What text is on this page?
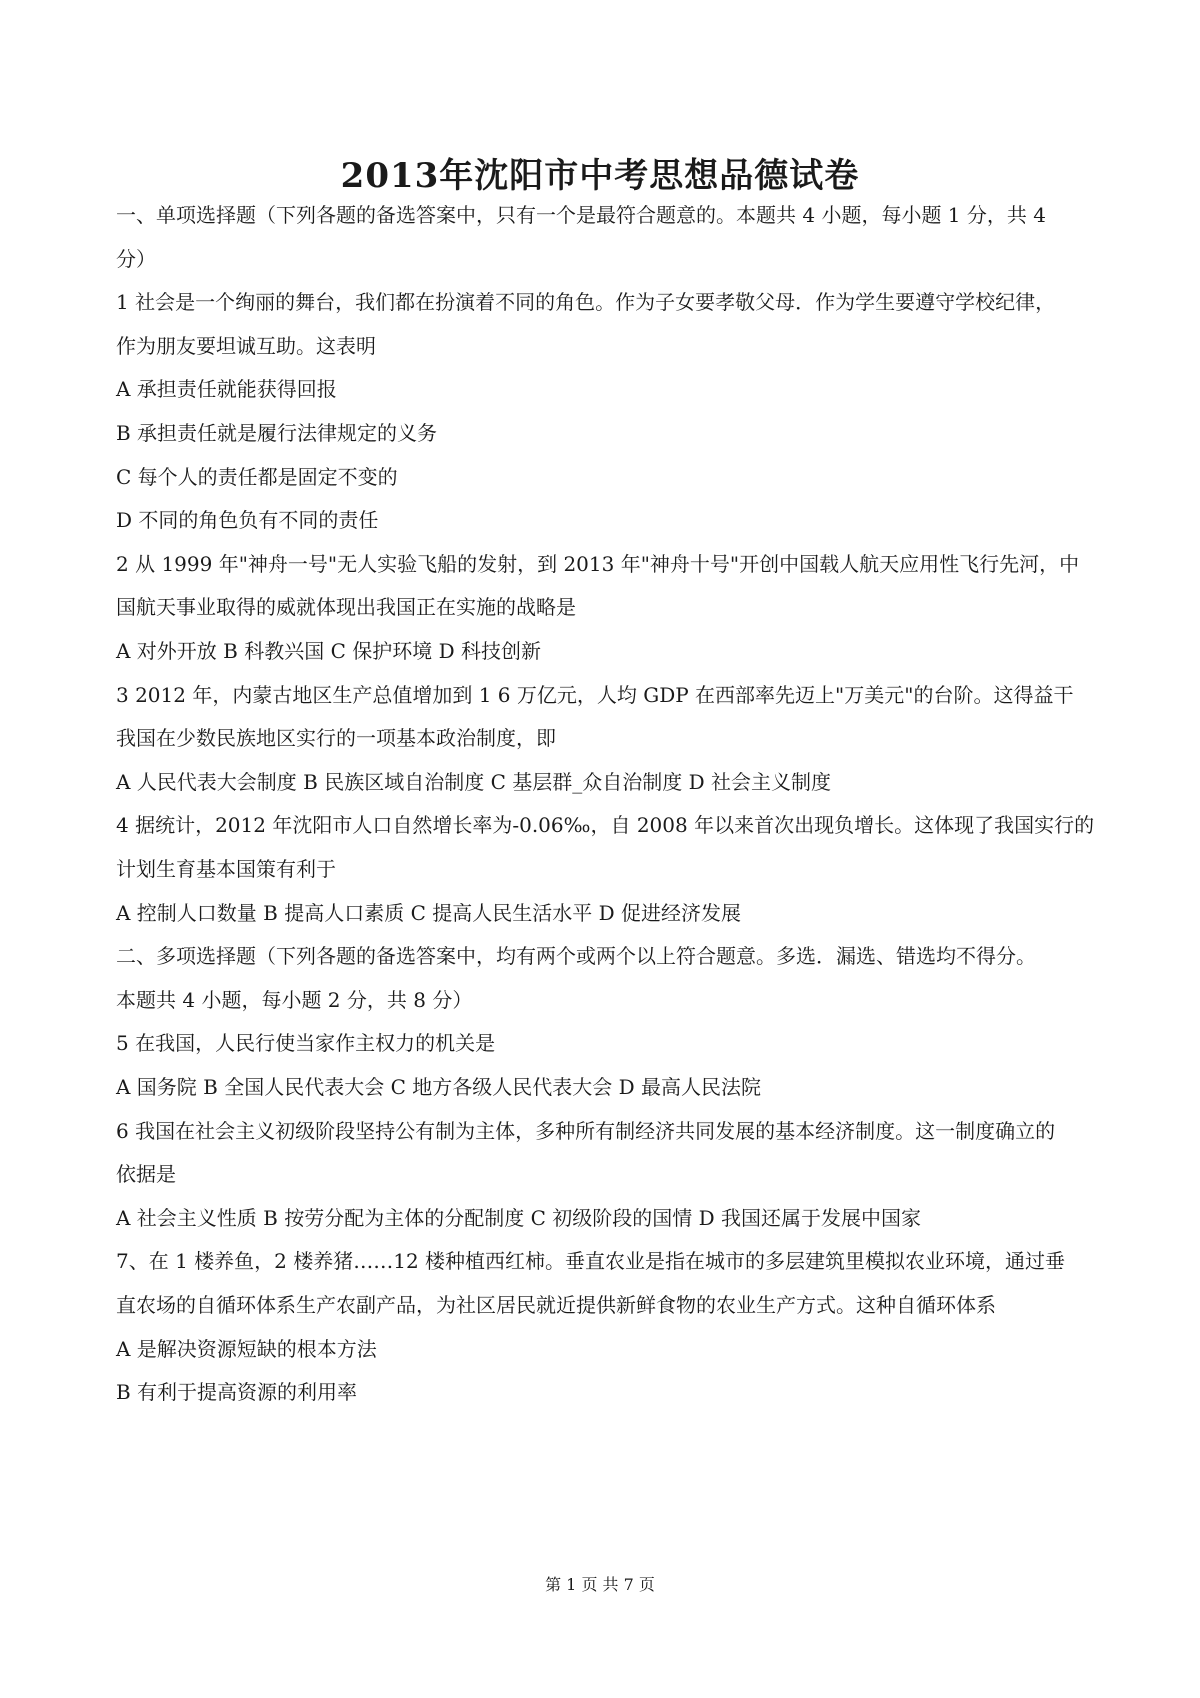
2013年沈阳市中考思想品德试卷
一、单项选择题（下列各题的备选答案中，只有一个是最符合题意的。本题共 4 小题，每小题 1 分，共 4
分）
1 社会是一个绚丽的舞台，我们都在扮演着不同的角色。作为子女要孝敬父母．作为学生要遵守学校纪律，
作为朋友要坦诚互助。这表明
A 承担责任就能获得回报
B 承担责任就是履行法律规定的义务
C 每个人的责任都是固定不变的
D 不同的角色负有不同的责任
2 从 1999 年"神舟一号"无人实验飞船的发射，到 2013 年"神舟十号"开创中国载人航天应用性飞行先河，中
国航天事业取得的威就体现出我国正在实施的战略是
A 对外开放 B 科教兴国 C 保护环境 D 科技创新
3 2012 年，内蒙古地区生产总值增加到 1 6 万亿元，人均 GDP 在西部率先迈上"万美元"的台阶。这得益干
我国在少数民族地区实行的一项基本政治制度，即
A 人民代表大会制度 B 民族区域自治制度 C 基层群_众自治制度 D 社会主义制度
4 据统计，2012 年沈阳市人口自然增长率为-0.06‰，自 2008 年以来首次出现负增长。这体现了我国实行的
计划生育基本国策有利于
A 控制人口数量 B 提高人口素质 C 提高人民生活水平 D 促进经济发展
二、多项选择题（下列各题的备选答案中，均有两个或两个以上符合题意。多选．漏选、错选均不得分。
本题共 4 小题，每小题 2 分，共 8 分）
5 在我国，人民行使当家作主权力的机关是
A 国务院 B 全国人民代表大会 C 地方各级人民代表大会 D 最高人民法院
6 我国在社会主义初级阶段坚持公有制为主体，多种所有制经济共同发展的基本经济制度。这一制度确立的
依据是
A 社会主义性质 B 按劳分配为主体的分配制度 C 初级阶段的国情 D 我国还属于发展中国家
7、在 1 楼养鱼，2 楼养猪……12 楼种植西红柿。垂直农业是指在城市的多层建筑里模拟农业环境，通过垂
直农场的自循环体系生产农副产品，为社区居民就近提供新鲜食物的农业生产方式。这种自循环体系
A 是解决资源短缺的根本方法
B 有利于提高资源的利用率
第 1 页 共 7 页
